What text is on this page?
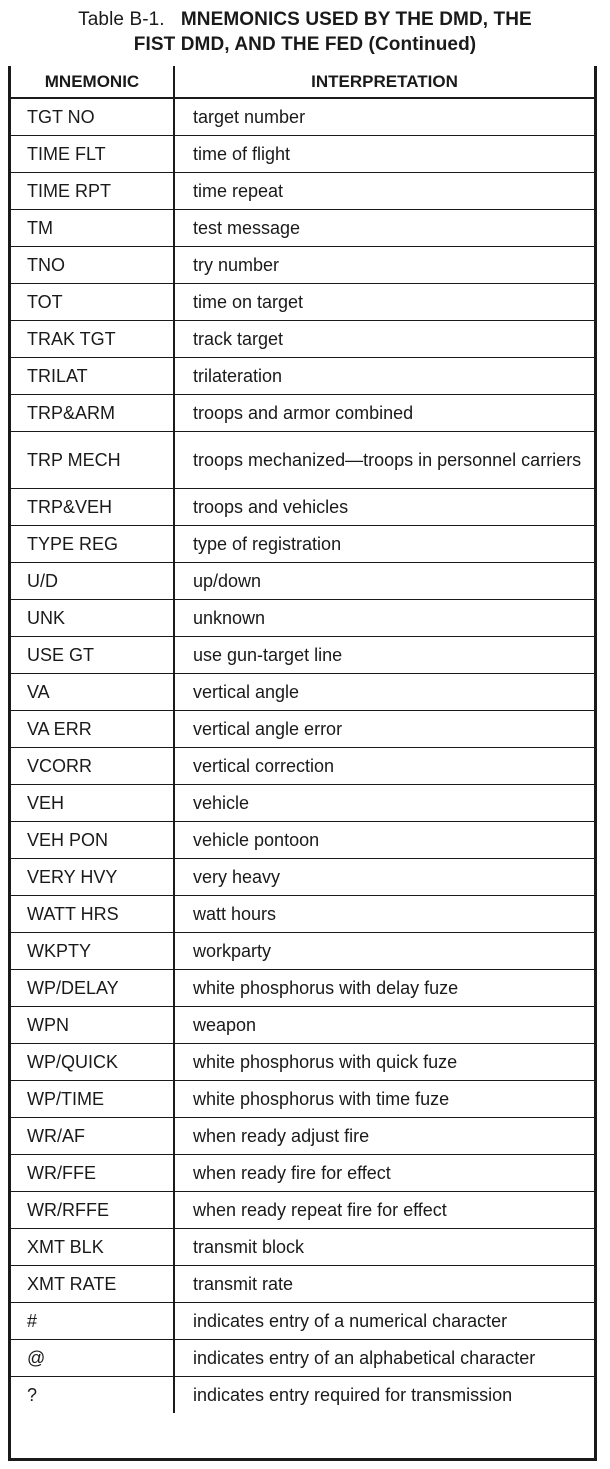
Table B-1. MNEMONICS USED BY THE DMD, THE
FIST DMD, AND THE FED (Continued)
MNEMONIC	INTERPRETATION
TGT NO	target number
TIME FLT	time of flight
TIME RPT	time repeat
TM	test message
TNO	try number
TOT	time on target
TRAK TGT	track target
TRILAT	trilateration
TRP&ARM	troops and armor combined
TRP MECH	troops mechanized—troops in personnel carriers
TRP&VEH	troops and vehicles
TYPE REG	type of registration
U/D	up/down
UNK	unknown
USE GT	use gun-target line
VA	vertical angle
VA ERR	vertical angle error
VCORR	vertical correction
VEH	vehicle
VEH PON	vehicle pontoon
VERY HVY	very heavy
WATT HRS	watt hours
WKPTY	workparty
WP/DELAY	white phosphorus with delay fuze
WPN	weapon
WP/QUICK	white phosphorus with quick fuze
WP/TIME	white phosphorus with time fuze
WR/AF	when ready adjust fire
WR/FFE	when ready fire for effect
WR/RFFE	when ready repeat fire for effect
XMT BLK	transmit block
XMT RATE	transmit rate
#	indicates entry of a numerical character
@	indicates entry of an alphabetical character
?	indicates entry required for transmission
